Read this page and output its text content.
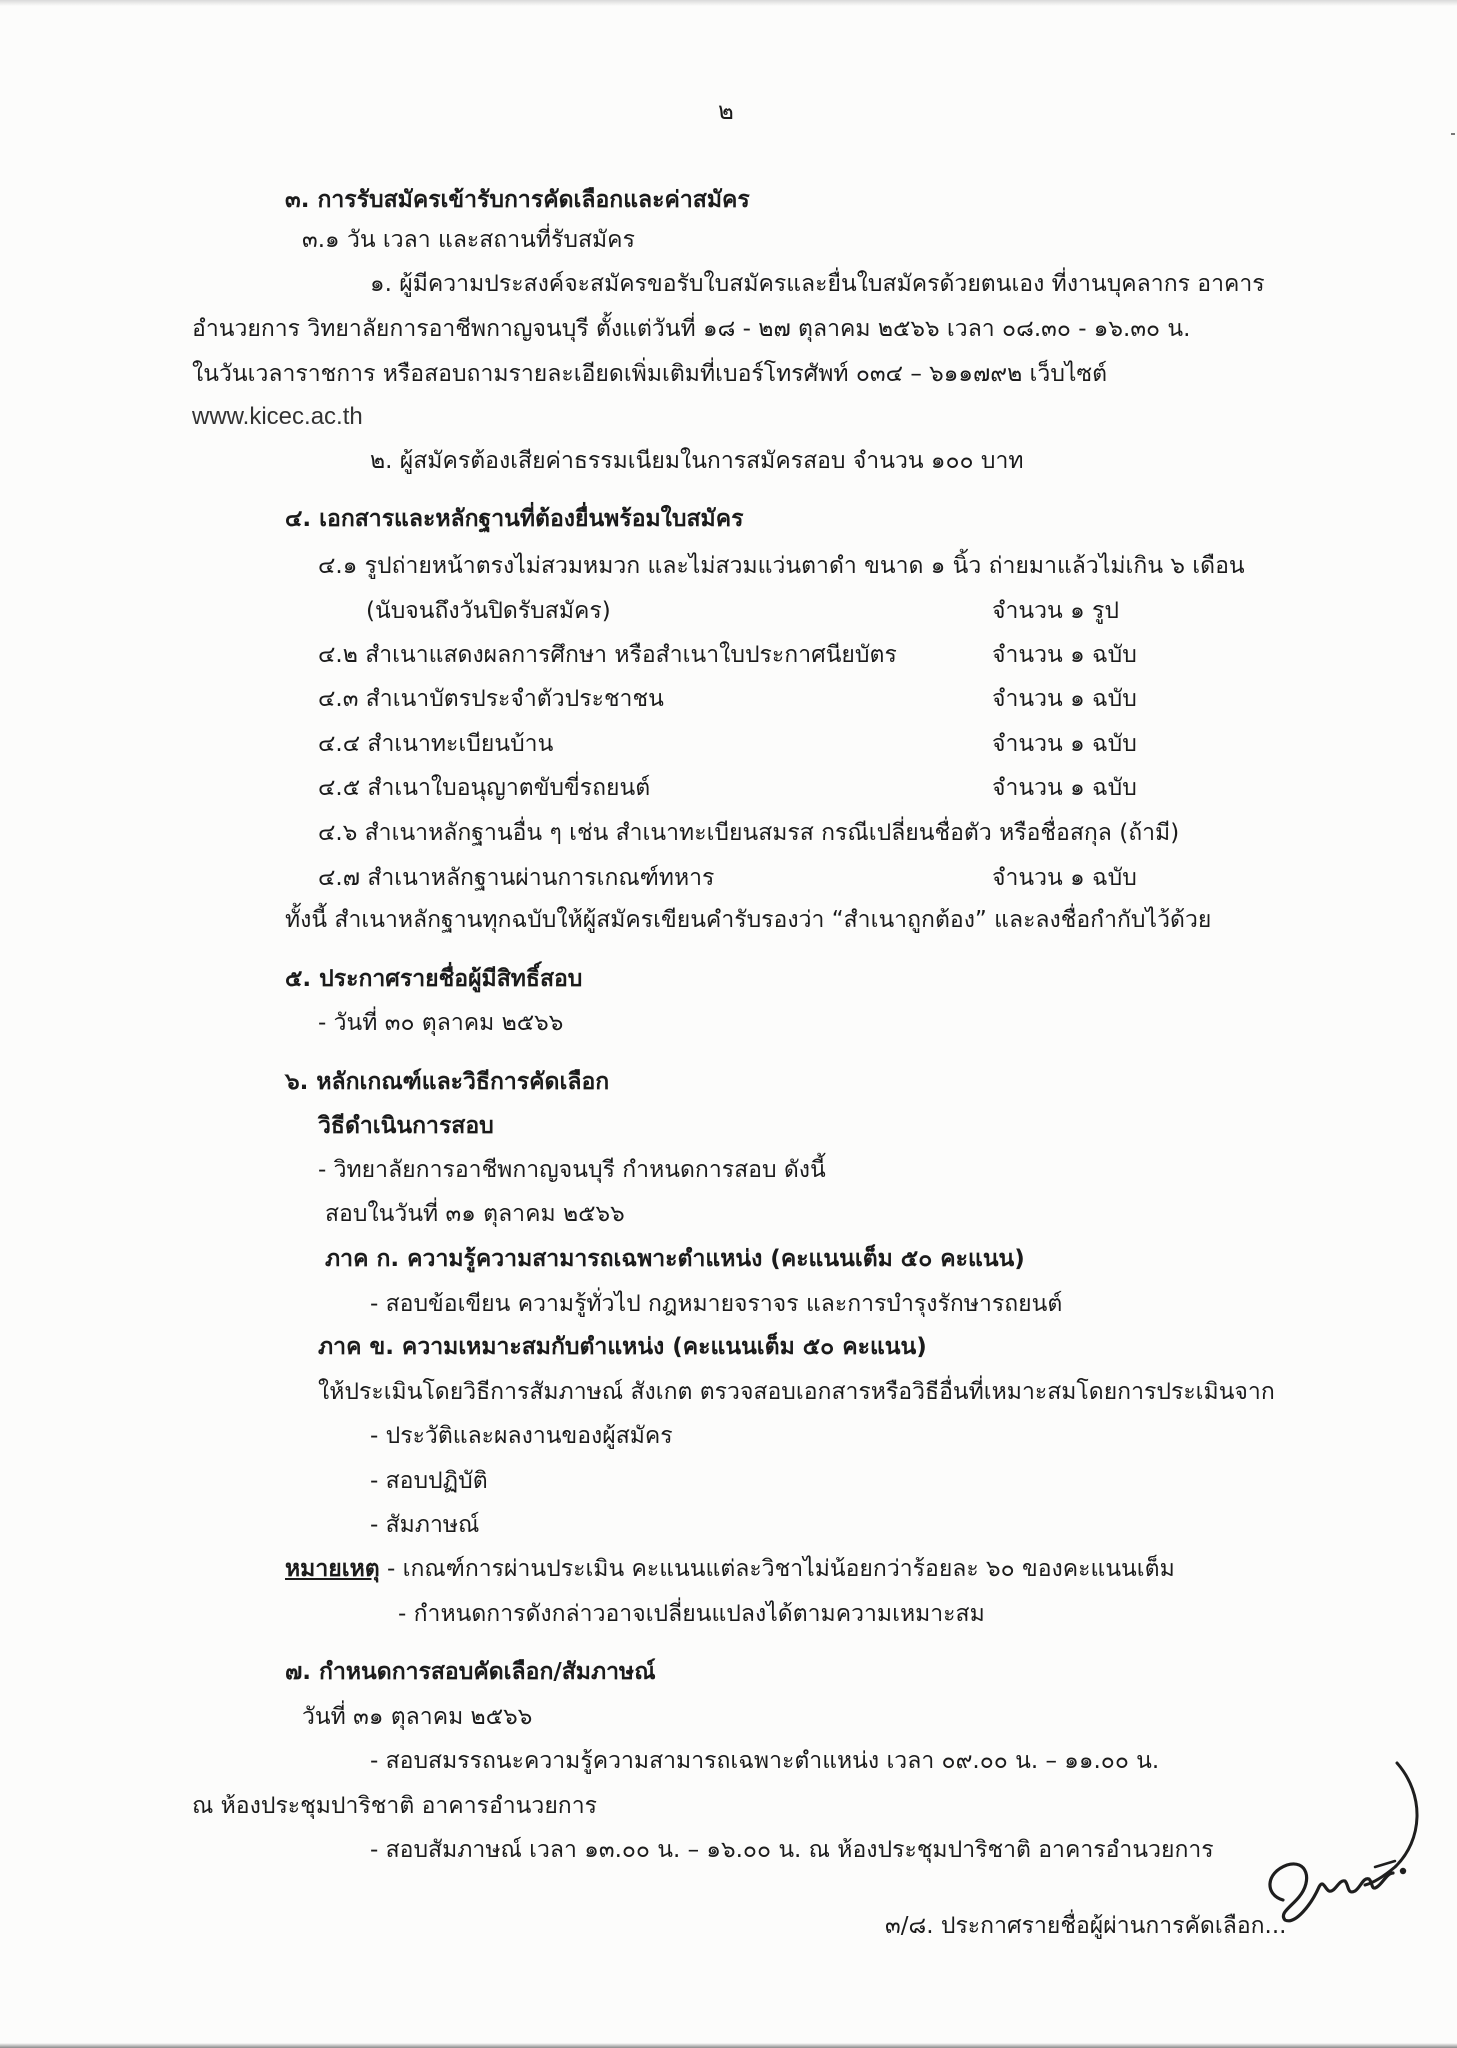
๒
๓. การรับสมัครเข้ารับการคัดเลือกและค่าสมัคร
๓.๑ วัน เวลา และสถานที่รับสมัคร
๑. ผู้มีความประสงค์จะสมัครขอรับใบสมัครและยื่นใบสมัครด้วยตนเอง ที่งานบุคลากร อาคาร
อำนวยการ วิทยาลัยการอาชีพกาญจนบุรี ตั้งแต่วันที่ ๑๘ - ๒๗ ตุลาคม ๒๕๖๖ เวลา ๐๘.๓๐ - ๑๖.๓๐ น.
ในวันเวลาราชการ หรือสอบถามรายละเอียดเพิ่มเติมที่เบอร์โทรศัพท์ ๐๓๔ – ๖๑๑๗๙๒ เว็บไซต์
www.kicec.ac.th
๒. ผู้สมัครต้องเสียค่าธรรมเนียมในการสมัครสอบ จำนวน ๑๐๐ บาท
๔. เอกสารและหลักฐานที่ต้องยื่นพร้อมใบสมัคร
๔.๑ รูปถ่ายหน้าตรงไม่สวมหมวก และไม่สวมแว่นตาดำ ขนาด ๑ นิ้ว ถ่ายมาแล้วไม่เกิน ๖ เดือน
(นับจนถึงวันปิดรับสมัคร)	จำนวน ๑ รูป
๔.๒ สำเนาแสดงผลการศึกษา หรือสำเนาใบประกาศนียบัตร	จำนวน ๑ ฉบับ
๔.๓ สำเนาบัตรประจำตัวประชาชน	จำนวน ๑ ฉบับ
๔.๔ สำเนาทะเบียนบ้าน	จำนวน ๑ ฉบับ
๔.๕ สำเนาใบอนุญาตขับขี่รถยนต์	จำนวน ๑ ฉบับ
๔.๖ สำเนาหลักฐานอื่น ๆ เช่น สำเนาทะเบียนสมรส กรณีเปลี่ยนชื่อตัว หรือชื่อสกุล (ถ้ามี)
๔.๗ สำเนาหลักฐานผ่านการเกณฑ์ทหาร	จำนวน ๑ ฉบับ
ทั้งนี้ สำเนาหลักฐานทุกฉบับให้ผู้สมัครเขียนคำรับรองว่า “สำเนาถูกต้อง” และลงชื่อกำกับไว้ด้วย
๕. ประกาศรายชื่อผู้มีสิทธิ์สอบ
- วันที่ ๓๐ ตุลาคม ๒๕๖๖
๖. หลักเกณฑ์และวิธีการคัดเลือก
วิธีดำเนินการสอบ
- วิทยาลัยการอาชีพกาญจนบุรี กำหนดการสอบ ดังนี้
สอบในวันที่ ๓๑ ตุลาคม ๒๕๖๖
ภาค ก. ความรู้ความสามารถเฉพาะตำแหน่ง (คะแนนเต็ม ๕๐ คะแนน)
- สอบข้อเขียน ความรู้ทั่วไป กฎหมายจราจร และการบำรุงรักษารถยนต์
ภาค ข. ความเหมาะสมกับตำแหน่ง (คะแนนเต็ม ๕๐ คะแนน)
ให้ประเมินโดยวิธีการสัมภาษณ์ สังเกต ตรวจสอบเอกสารหรือวิธีอื่นที่เหมาะสมโดยการประเมินจาก
- ประวัติและผลงานของผู้สมัคร
- สอบปฏิบัติ
- สัมภาษณ์
หมายเหตุ - เกณฑ์การผ่านประเมิน คะแนนแต่ละวิชาไม่น้อยกว่าร้อยละ ๖๐ ของคะแนนเต็ม
- กำหนดการดังกล่าวอาจเปลี่ยนแปลงได้ตามความเหมาะสม
๗. กำหนดการสอบคัดเลือก/สัมภาษณ์
วันที่ ๓๑ ตุลาคม ๒๕๖๖
- สอบสมรรถนะความรู้ความสามารถเฉพาะตำแหน่ง เวลา ๐๙.๐๐ น. – ๑๑.๐๐ น.
ณ ห้องประชุมปาริชาติ อาคารอำนวยการ
- สอบสัมภาษณ์ เวลา ๑๓.๐๐ น. – ๑๖.๐๐ น. ณ ห้องประชุมปาริชาติ อาคารอำนวยการ
๓/๘. ประกาศรายชื่อผู้ผ่านการคัดเลือก...
